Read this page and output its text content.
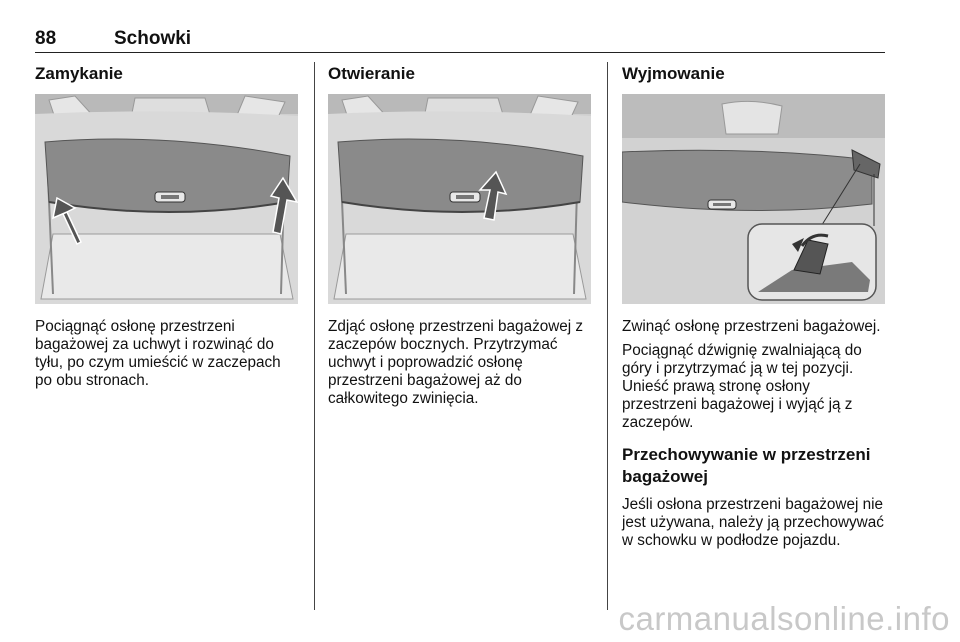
88	Schowki
Zamykanie

Pociągnąć osłonę przestrzeni bagażowej za uchwyt i rozwinąć do tyłu, po czym umieścić w zaczepach po obu stronach.

Otwieranie

Zdjąć osłonę przestrzeni bagażowej z zaczepów bocznych. Przytrzymać uchwyt i poprowadzić osłonę przestrzeni bagażowej aż do całkowitego zwinięcia.

Wyjmowanie

Zwinąć osłonę przestrzeni bagażowej.

Pociągnąć dźwignię zwalniającą do góry i przytrzymać ją w tej pozycji. Unieść prawą stronę osłony przestrzeni bagażowej i wyjąć ją z zaczepów.

Przechowywanie w przestrzeni bagażowej

Jeśli osłona przestrzeni bagażowej nie jest używana, należy ją przechowywać w schowku w podłodze pojazdu.

carmanualsonline.info
